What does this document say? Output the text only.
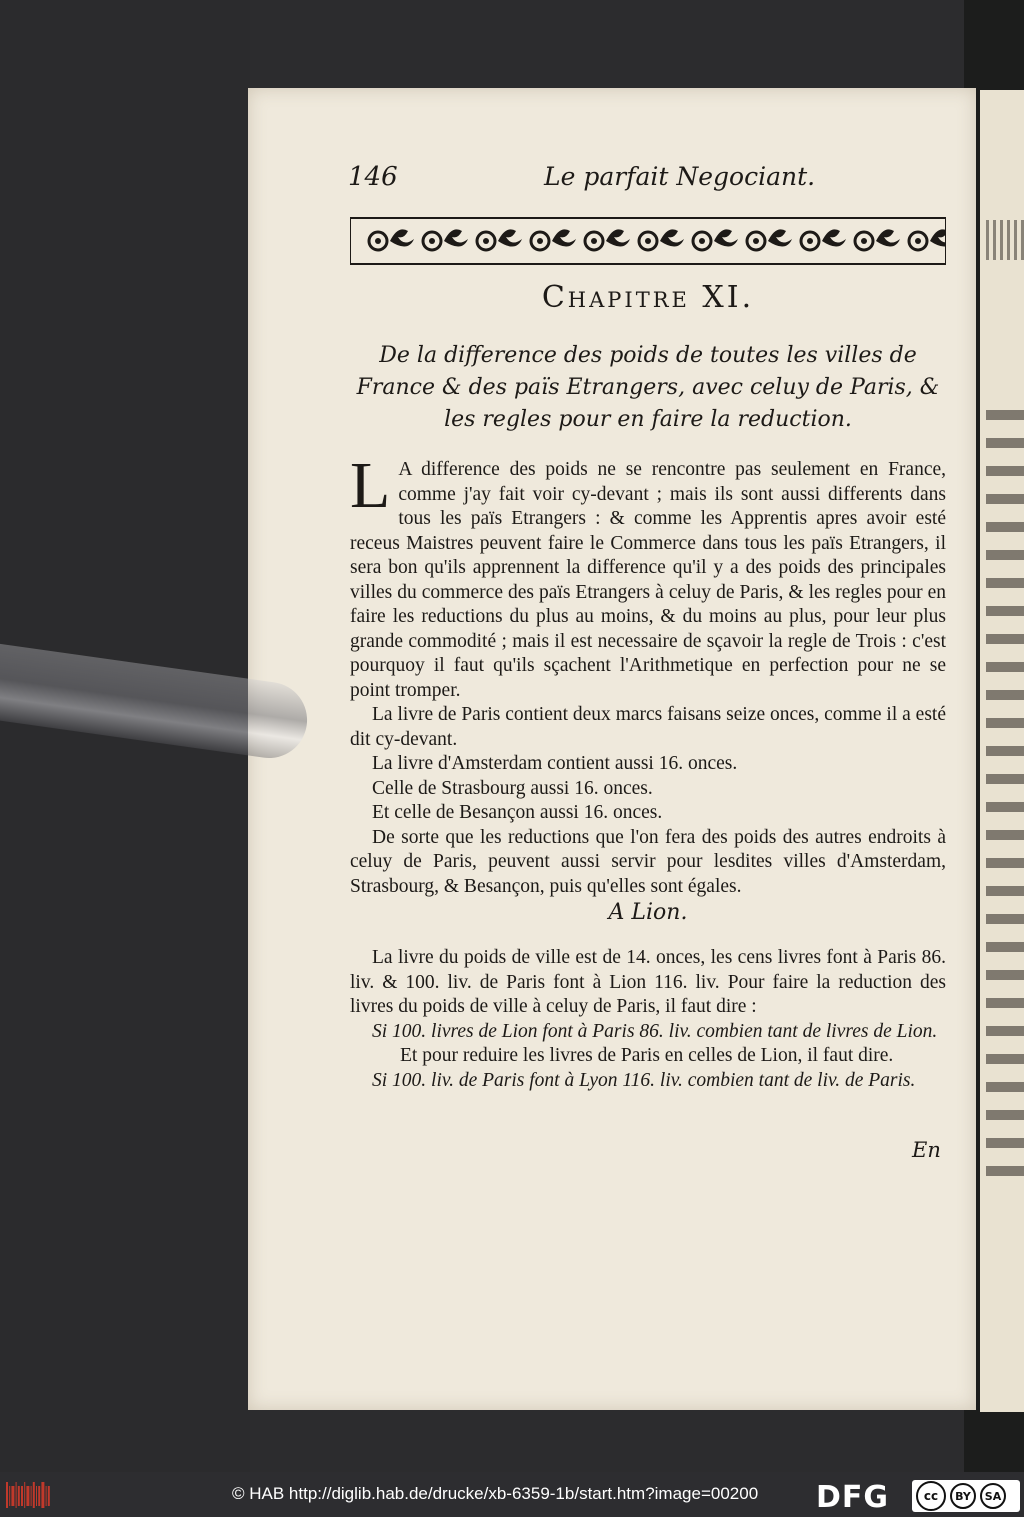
146	Le parfait Negociant.
Chapitre XI.
De la difference des poids de toutes les villes de France & des païs Etrangers, avec celuy de Paris, & les regles pour en faire la reduction.

L A difference des poids ne se rencontre pas seulement en France, comme j'ay fait voir cy-devant ; mais ils sont aussi differents dans tous les païs Etrangers : & comme les Apprentis apres avoir esté receus Maistres peuvent faire le Commerce dans tous les païs Etrangers, il sera bon qu'ils apprennent la difference qu'il y a des poids des principales villes du commerce des païs Etrangers à celuy de Paris, & les regles pour en faire les reductions du plus au moins, & du moins au plus, pour leur plus grande commodité ; mais il est necessaire de sçavoir la regle de Trois : c'est pourquoy il faut qu'ils sçachent l'Arithmetique en perfection pour ne se point tromper.

La livre de Paris contient deux marcs faisans seize onces, comme il a esté dit cy-devant.

La livre d'Amsterdam contient aussi 16. onces.

Celle de Strasbourg aussi 16. onces.

Et celle de Besançon aussi 16. onces.

De sorte que les reductions que l'on fera des poids des autres endroits à celuy de Paris, peuvent aussi servir pour lesdites villes d'Amsterdam, Strasbourg, & Besançon, puis qu'elles sont égales.

A Lion.

La livre du poids de ville est de 14. onces, les cens livres font à Paris 86. liv. & 100. liv. de Paris font à Lion 116. liv. Pour faire la reduction des livres du poids de ville à celuy de Paris, il faut dire :

Si 100. livres de Lion font à Paris 86. liv. combien tant de livres de Lion.

Et pour reduire les livres de Paris en celles de Lion, il faut dire.

Si 100. liv. de Paris font à Lyon 116. liv. combien tant de liv. de Paris.

En
© HAB http://diglib.hab.de/drucke/xb-6359-1b/start.htm?image=00200 DFG	cc	BY	SA
